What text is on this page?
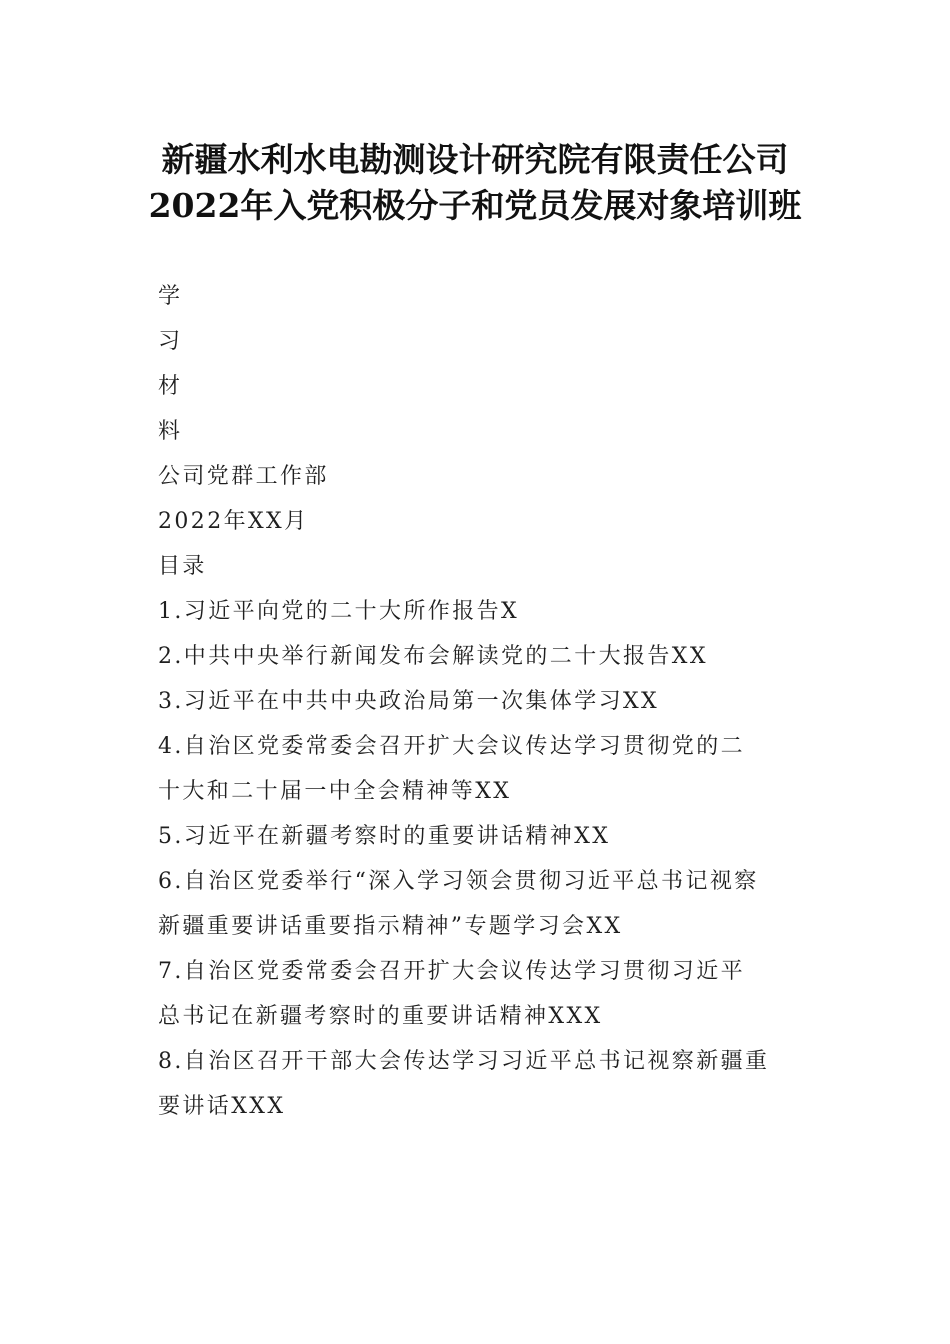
新疆水利水电勘测设计研究院有限责任公司
2022年入党积极分子和党员发展对象培训班
学
习
材
料
公司党群工作部
2022年XX月
目录
1.习近平向党的二十大所作报告X
2.中共中央举行新闻发布会解读党的二十大报告XX
3.习近平在中共中央政治局第一次集体学习XX
4.自治区党委常委会召开扩大会议传达学习贯彻党的二
十大和二十届一中全会精神等XX
5.习近平在新疆考察时的重要讲话精神XX
6.自治区党委举行“深入学习领会贯彻习近平总书记视察
新疆重要讲话重要指示精神”专题学习会XX
7.自治区党委常委会召开扩大会议传达学习贯彻习近平
总书记在新疆考察时的重要讲话精神XXX
8.自治区召开干部大会传达学习习近平总书记视察新疆重
要讲话XXX
